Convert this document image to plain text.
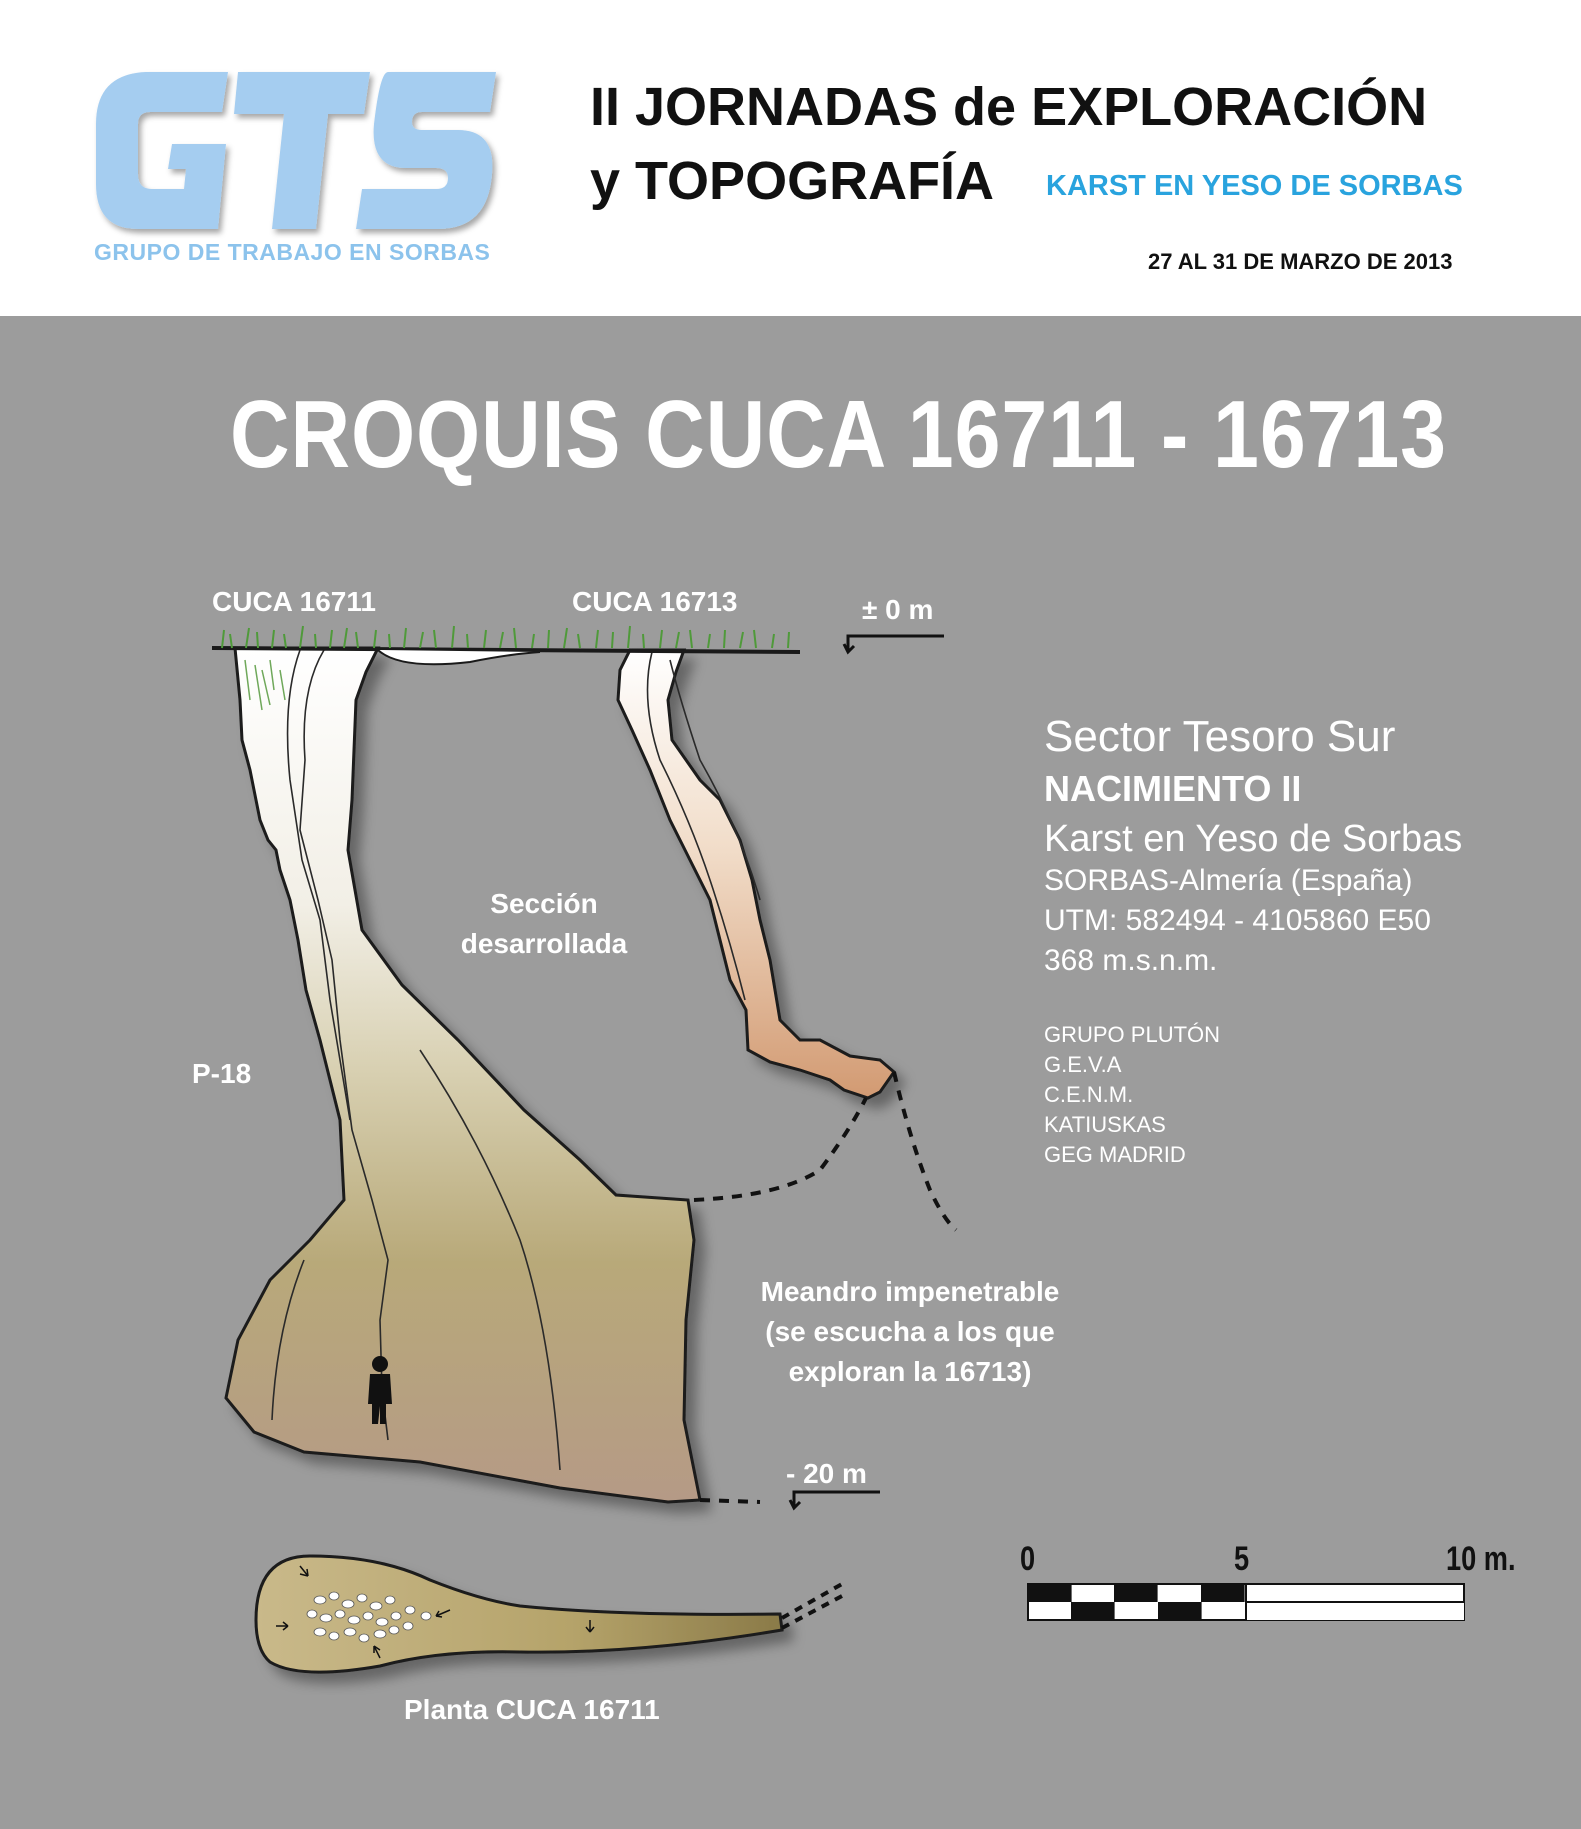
GRUPO DE TRABAJO EN SORBAS
II JORNADAS de EXPLORACIÓN
y TOPOGRAFÍA KARST EN YESO DE SORBAS
27 AL 31 DE MARZO DE 2013
CROQUIS CUCA 16711 - 16713
CUCA 16711	CUCA 16713	± 0 m
- 20 m
Sección
desarrollada
P-18
Meandro impenetrable
(se escucha a los que
exploran la 16713)
Planta CUCA 16711
Sector Tesoro Sur
NACIMIENTO II
Karst en Yeso de Sorbas
SORBAS-Almería (España)
UTM: 582494 - 4105860 E50
368 m.s.n.m.
GRUPO PLUTÓN
G.E.V.A
C.E.N.M.
KATIUSKAS
GEG MADRID
0	5	10 m.
